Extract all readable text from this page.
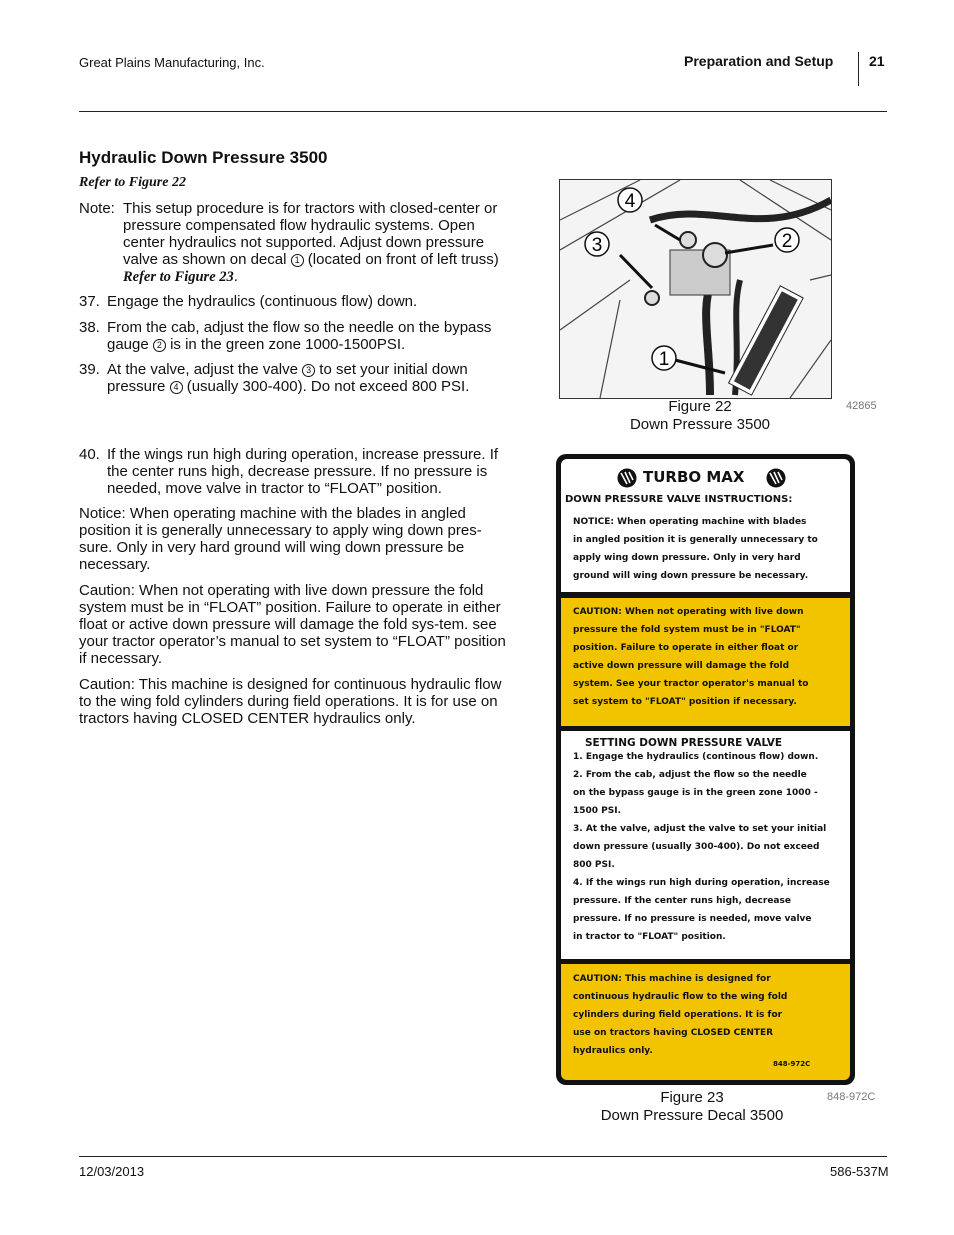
Great Plains Manufacturing, Inc.	Preparation and Setup	21
Hydraulic Down Pressure 3500
Refer to Figure 22
Note: This setup procedure is for tractors with closed-center or pressure compensated flow hydraulic systems. Open center hydraulics not supported. Adjust down pressure valve as shown on decal 1 (located on front of left truss) Refer to Figure 23.
37. Engage the hydraulics (continuous flow) down.
38. From the cab, adjust the flow so the needle on the bypass gauge 2 is in the green zone 1000-1500PSI.
39. At the valve, adjust the valve 3 to set your initial down pressure 4 (usually 300-400). Do not exceed 800 PSI.
40. If the wings run high during operation, increase pressure. If the center runs high, decrease pressure. If no pressure is needed, move valve in tractor to “FLOAT” position.
Notice: When operating machine with the blades in angled position it is generally unnecessary to apply wing down pres-sure. Only in very hard ground will wing down pressure be necessary.
Caution: When not operating with live down pressure the fold system must be in “FLOAT” position. Failure to operate in either float or active down pressure will damage the fold sys-tem. see your tractor operator’s manual to set system to “FLOAT” position if necessary.
Caution: This machine is designed for continuous hydraulic flow to the wing fold cylinders during field operations. It is for use on tractors having CLOSED CENTER hydraulics only.
4
3	2
1
Figure 22
Down Pressure 3500
42865
TURBO MAX
DOWN PRESSURE VALVE INSTRUCTIONS:
NOTICE: When operating machine with blades
in angled position it is generally unnecessary to
apply wing down pressure. Only in very hard
ground will wing down pressure be necessary.
CAUTION: When not operating with live down
pressure the fold system must be in "FLOAT"
position. Failure to operate in either float or
active down pressure will damage the fold
system. See your tractor operator's manual to
set system to "FLOAT" position if necessary.
SETTING DOWN PRESSURE VALVE
1. Engage the hydraulics (continous flow) down.
2. From the cab, adjust the flow so the needle
on the bypass gauge is in the green zone 1000 -
1500 PSI.
3. At the valve, adjust the valve to set your initial
down pressure (usually 300-400). Do not exceed
800 PSI.
4. If the wings run high during operation, increase
pressure. If the center runs high, decrease
pressure. If no pressure is needed, move valve
in tractor to "FLOAT" position.
CAUTION: This machine is designed for
continuous hydraulic flow to the wing fold
cylinders during field operations. It is for
use on tractors having CLOSED CENTER
hydraulics only.
848-972C
Figure 23
Down Pressure Decal 3500
848-972C
12/03/2013	586-537M
